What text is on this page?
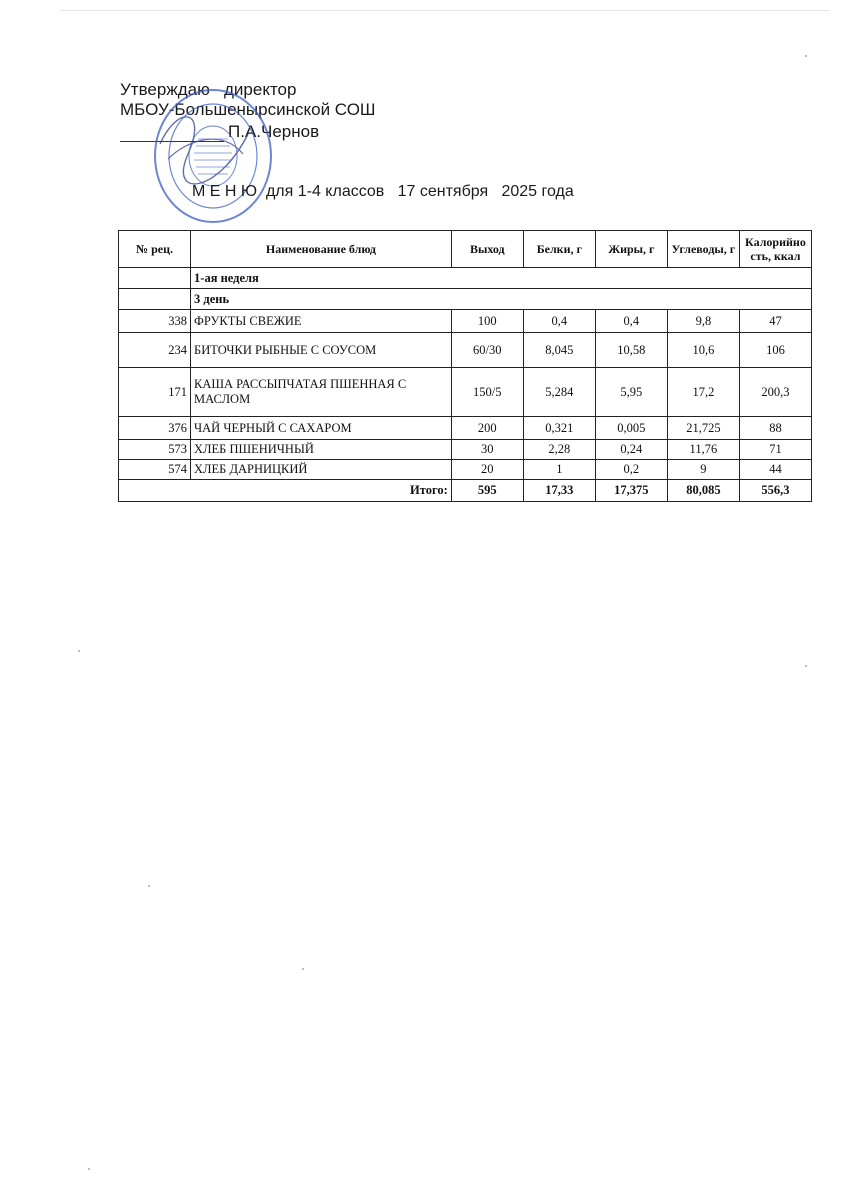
Утверждаю   директор
МБОУ-Большеныpсинской СОШ
П.А.Чернов
М Е Н Ю  для 1-4 классов   17 сентября   2025 года
№ рец.	Наименование блюд	Выход	Белки, г	Жиры, г	Углеводы, г	Калорийно сть, ккал
	1-ая неделя					
	3 день					
338	ФРУКТЫ СВЕЖИЕ	100	0,4	0,4	9,8	47
234	БИТОЧКИ РЫБНЫЕ С СОУСОМ	60/30	8,045	10,58	10,6	106
171	КАША РАССЫПЧАТАЯ ПШЕННАЯ С МАСЛОМ	150/5	5,284	5,95	17,2	200,3
376	ЧАЙ ЧЕРНЫЙ С САХАРОМ	200	0,321	0,005	21,725	88
573	ХЛЕБ ПШЕНИЧНЫЙ	30	2,28	0,24	11,76	71
574	ХЛЕБ ДАРНИЦКИЙ	20	1	0,2	9	44
Итого:		595	17,33	17,375	80,085	556,3
